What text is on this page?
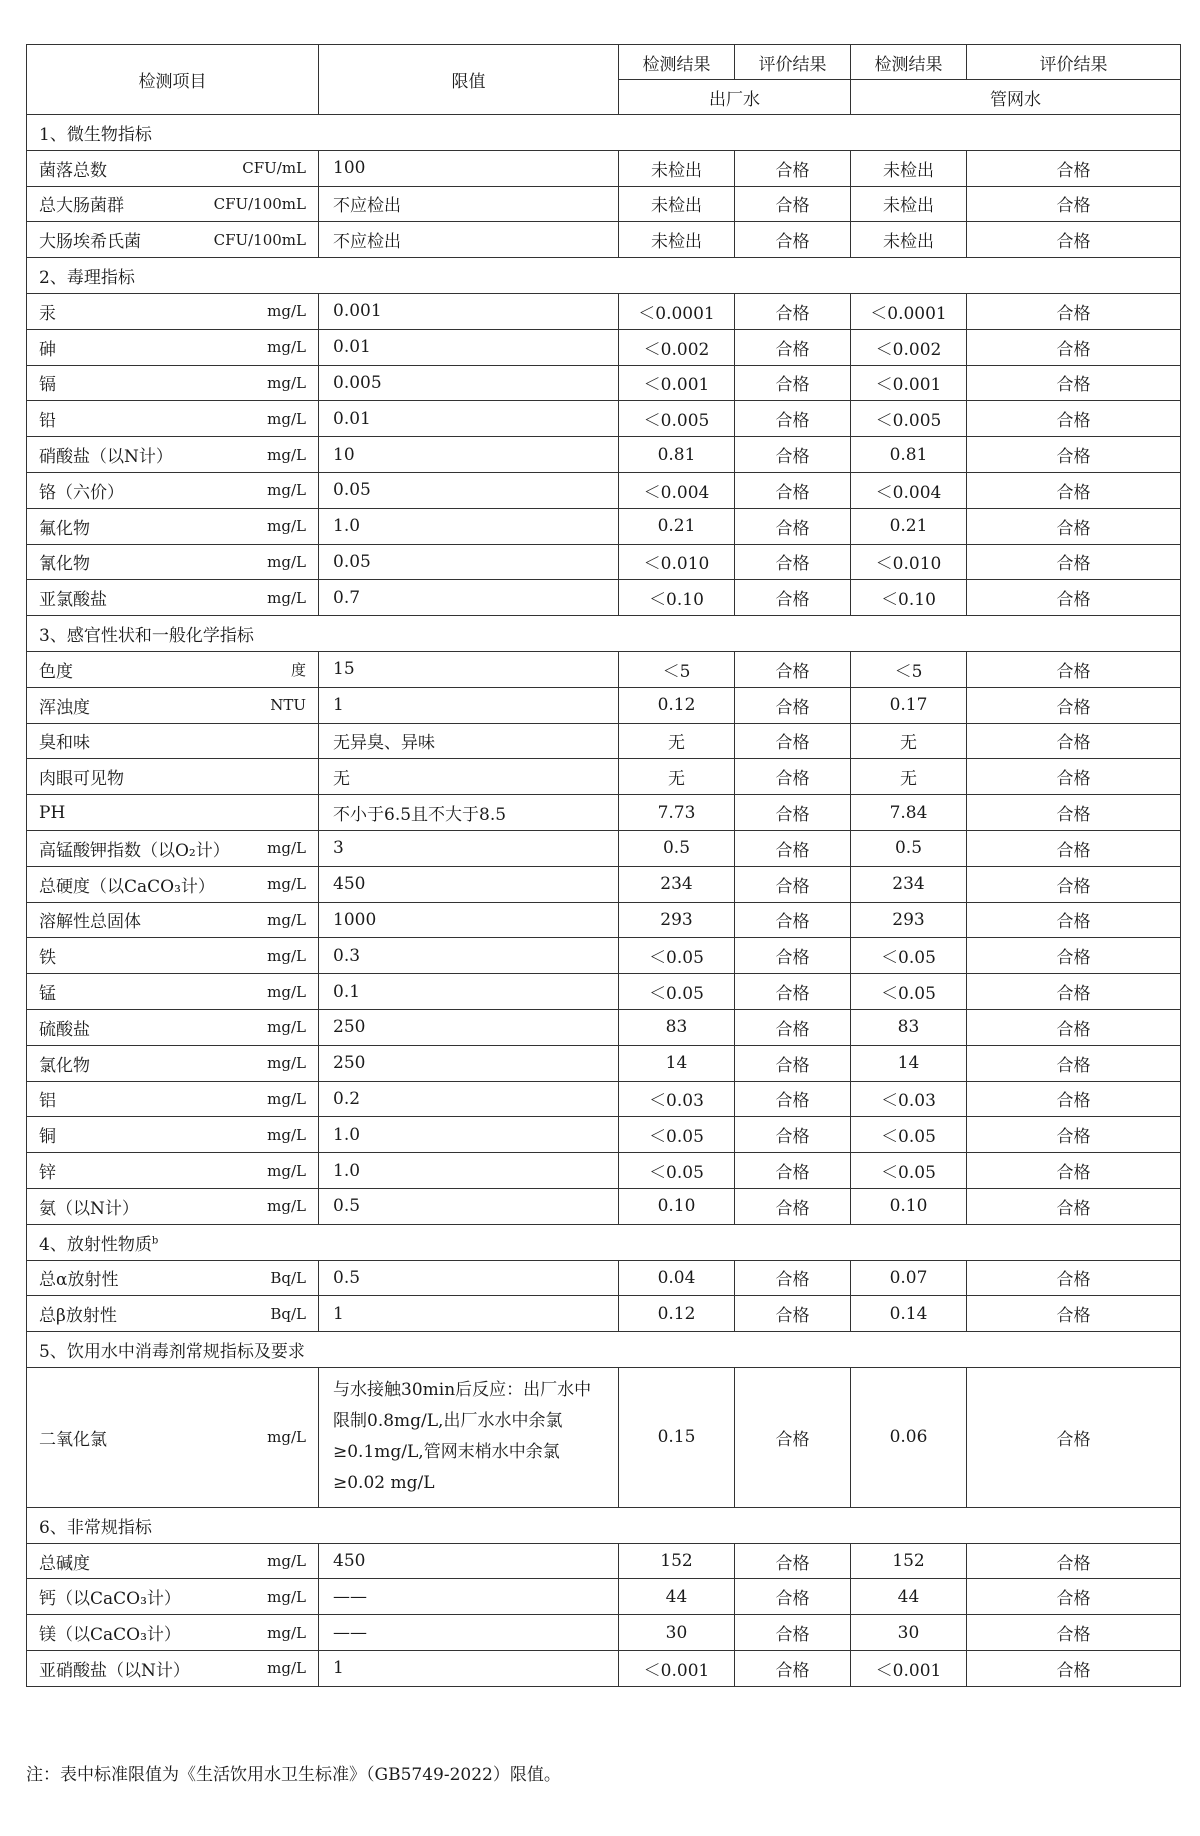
检测项目	限值	检测结果	评价结果	检测结果	评价结果
		出厂水		管网水	
1、微生物指标					

菌落总数 CFU/mL	100	未检出	合格	未检出	合格

总大肠菌群 CFU/100mL	不应检出	未检出	合格	未检出	合格

大肠埃希氏菌 CFU/100mL	不应检出	未检出	合格	未检出	合格
2、毒理指标					

汞 mg/L	0.001	＜0.0001	合格	＜0.0001	合格

砷 mg/L	0.01	＜0.002	合格	＜0.002	合格

镉 mg/L	0.005	＜0.001	合格	＜0.001	合格

铅 mg/L	0.01	＜0.005	合格	＜0.005	合格

硝酸盐（以N计） mg/L	10	0.81	合格	0.81	合格

铬（六价） mg/L	0.05	＜0.004	合格	＜0.004	合格

氟化物 mg/L	1.0	0.21	合格	0.21	合格

氰化物 mg/L	0.05	＜0.010	合格	＜0.010	合格

亚氯酸盐 mg/L	0.7	＜0.10	合格	＜0.10	合格
3、感官性状和一般化学指标					

色度 度	15	＜5	合格	＜5	合格

浑浊度 NTU	1	0.12	合格	0.17	合格

臭和味	无异臭、异味	无	合格	无	合格

肉眼可见物	无	无	合格	无	合格

PH	不小于6.5且不大于8.5	7.73	合格	7.84	合格

高锰酸钾指数（以O₂计） mg/L	3	0.5	合格	0.5	合格

总硬度（以CaCO₃计） mg/L	450	234	合格	234	合格

溶解性总固体 mg/L	1000	293	合格	293	合格

铁 mg/L	0.3	＜0.05	合格	＜0.05	合格

锰 mg/L	0.1	＜0.05	合格	＜0.05	合格

硫酸盐 mg/L	250	83	合格	83	合格

氯化物 mg/L	250	14	合格	14	合格

铝 mg/L	0.2	＜0.03	合格	＜0.03	合格

铜 mg/L	1.0	＜0.05	合格	＜0.05	合格

锌 mg/L	1.0	＜0.05	合格	＜0.05	合格

氨（以N计） mg/L	0.5	0.10	合格	0.10	合格
4、放射性物质$^b$

总α放射性 Bq/L	0.5	0.04	合格	0.07	合格

总β放射性 Bq/L	1	0.12	合格	0.14	合格
5、饮用水中消毒剂常规指标及要求					

二氧化氯 mg/L	与水接触30min后反应：出厂水中限制0.8mg/L,出厂水水中余氯≥0.1mg/L,管网末梢水中余氯≥0.02 mg/L	0.15	合格	0.06	合格
6、非常规指标					

总碱度 mg/L	450	152	合格	152	合格

钙（以CaCO₃计） mg/L	——	44	合格	44	合格

镁（以CaCO₃计） mg/L	——	30	合格	30	合格

亚硝酸盐（以N计） mg/L	1	＜0.001	合格	＜0.001	合格
注：表中标准限值为《生活饮用水卫生标准》（GB5749-2022）限值。
